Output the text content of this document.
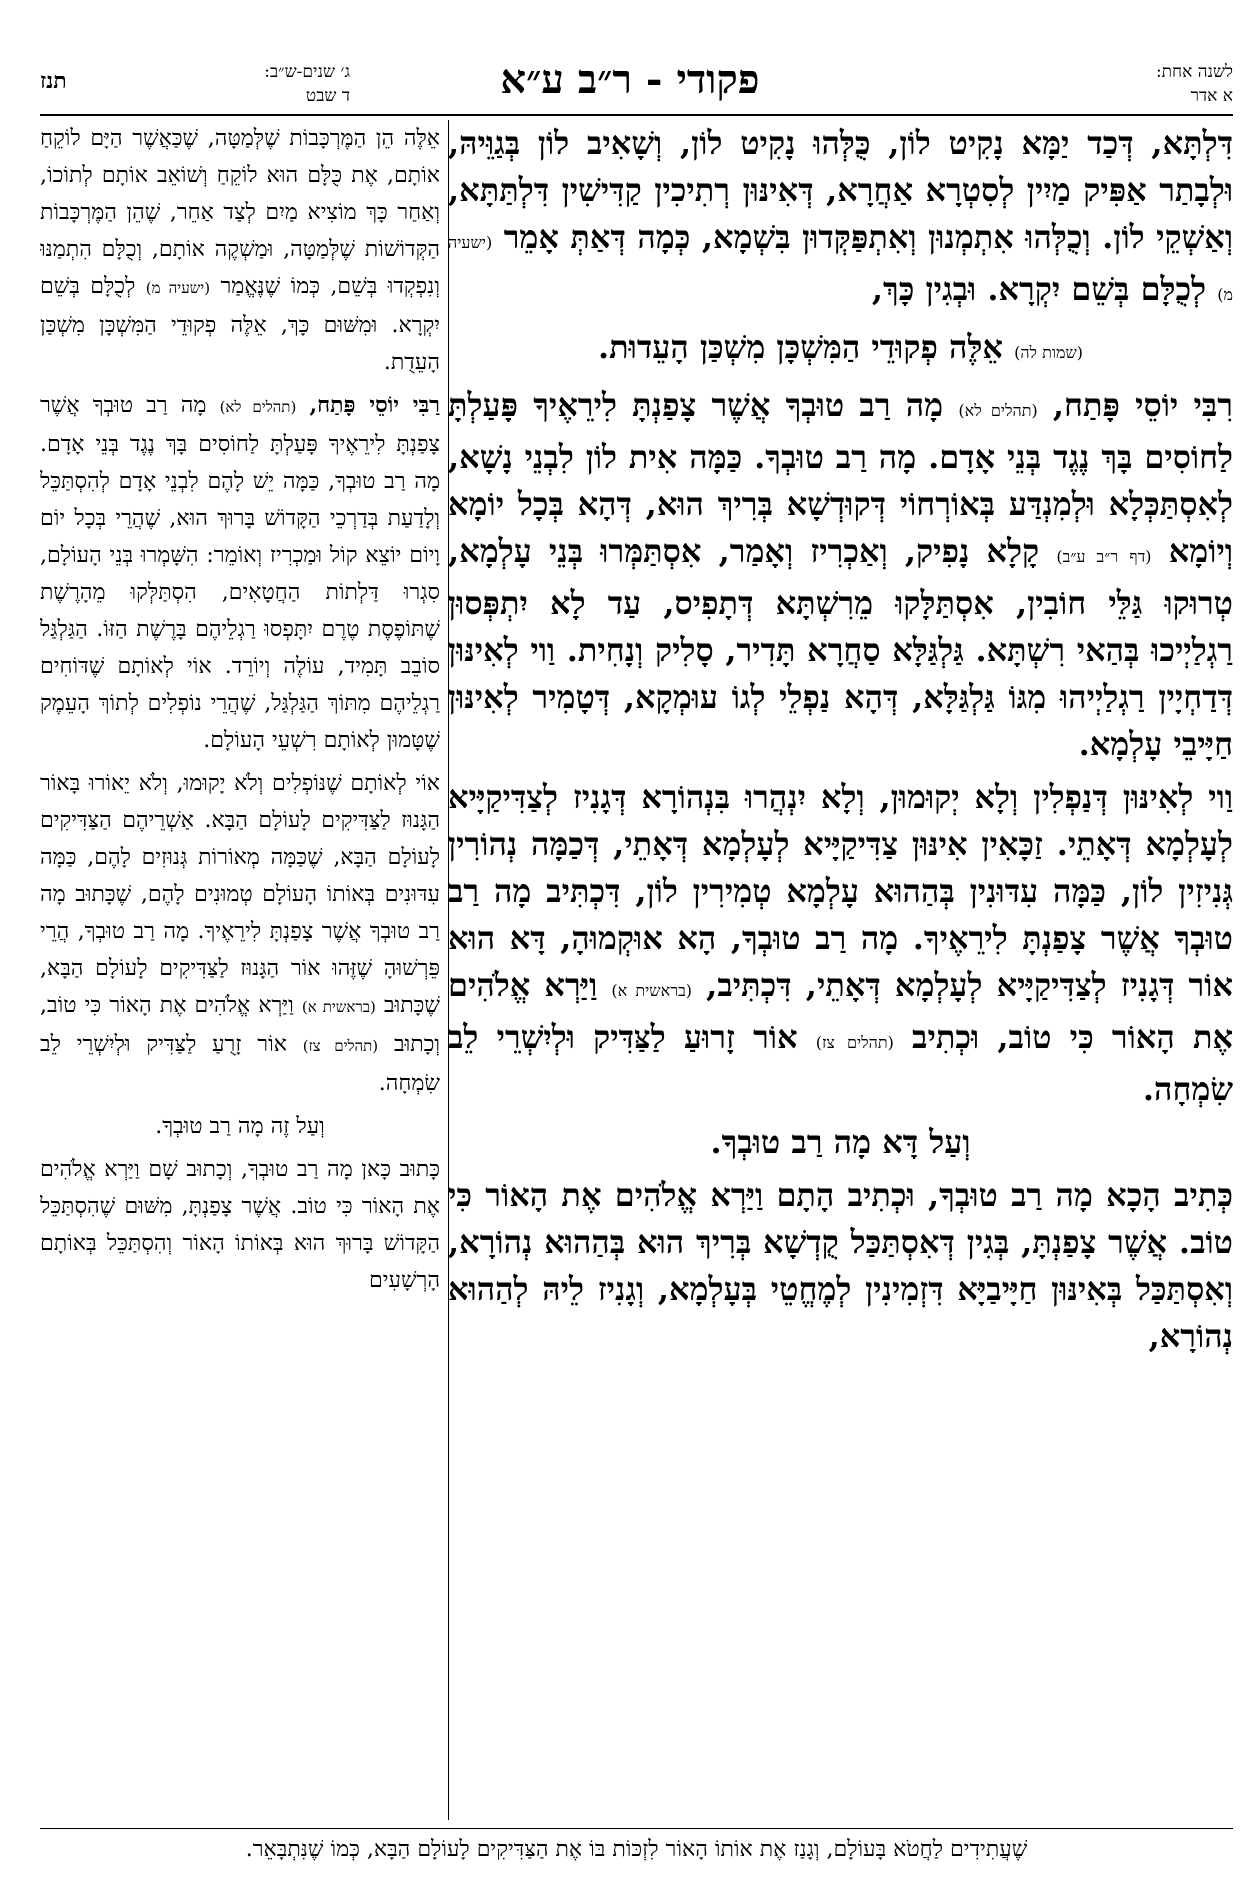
לשנה אחת:
א אדר
פקודי - ר״ב ע״א
ג׳ שנים-ש״ב:
ד שבט
תנז

דִּלְתָּא, דְּכַד יַמָּא נָקִיט לוֹן, כֻּלְּהוּ נָקִיט לוֹן, וְשָׁאִיב לוֹן בְּגַוֵּיהּ, וּלְבָתַר אַפִּיק מַיִין לְסִטְרָא אַחֲרָא, דְּאִינּוּן רְתִיכִין קַדִּישִׁין דִּלְתַּתָּא, וְאַשְׁקֵי לוֹן. וְכֻלְּהוּ אִתְמְנוּן וְאִתְפַּקְּדוּן בִּשְׁמָא, כְּמָה דְּאַתְּ אָמֵר (ישעיה מ) לְכֻלָּם בְּשֵׁם יִקְרָא. וּבְגִין כָּךְ,

(שמות לה) אֵלֶּה פְקוּדֵי הַמִּשְׁכָּן מִשְׁכַּן הָעֵדוּת.

רִבִּי יוֹסֵי פָּתַח, (תהלים לא) מָה רַב טוּבְךָ אֲשֶׁר צָפַנְתָּ לִירֵאֶיךָ פָּעַלְתָּ לַחוֹסִים בָּךְ נֶגֶד בְּנֵי אָדָם. מָה רַב טוּבְךָ. כַּמָּה אִית לוֹן לִבְנֵי נָשָׁא, לְאִסְתַּכְּלָא וּלְמִנְדַּע בְּאוֹרְחוֹי דְּקוּדְשָׁא בְּרִיךְ הוּא, דְּהָא בְּכָל יוֹמָא וְיוֹמָא (דף ר״ב ע״ב) קָלָא נָפִיק, וְאַכְרִיז וְאָמַר, אִסְתַּמְּרוּ בְּנֵי עָלְמָא, טְרוּקוּ גַּלֵּי חוֹבִין, אִסְתַּלָּקוּ מֵרִשְׁתָּא דְּתָפִיס, עַד לָא יִתְפְּסוּן רַגְלַיְיכוּ בְּהַאי רִשְׁתָּא. גַּלְגַּלָּא סַחֲרָא תָּדִיר, סָלִיק וְנָחִית. וַוי לְאִינּוּן דְּדַחְיָין רַגְלַיְיהוּ מִגּוֹ גַּלְגַּלָּא, דְּהָא נַפְלֵי לְגוֹ עוּמְקָא, דְּטָמִיר לְאִינּוּן חַיָּיבֵי עָלְמָא.

וַוי לְאִינּוּן דְּנַפְלִין וְלָא יְקוּמוּן, וְלָא יִנְהֲרוּ בִּנְהוֹרָא דְּגָנִיז לְצַדִּיקַיָּיא לְעָלְמָא דְּאָתֵי. זַכָּאִין אִינּוּן צַדִּיקַיָּיא לְעָלְמָא דְּאָתֵי, דְּכַמָּה נְהוֹרִין גְּנִיזִין לוֹן, כַּמָּה עִדּוּנִין בְּהַהוּא עָלְמָא טְמִירִין לוֹן, דִּכְתִּיב מָה רַב טוּבְךָ אֲשֶׁר צָפַנְתָּ לִירֵאֶיךָ. מָה רַב טוּבְךָ, הָא אוּקְמוּהָ, דָּא הוּא אוֹר דְּגָנִיז לְצַדִּיקַיָּיא לְעָלְמָא דְּאָתֵי, דִּכְתִּיב, (בראשית א) וַיַּרְא אֱלֹהִים אֶת הָאוֹר כִּי טוֹב, וּכְתִיב (תהלים צז) אוֹר זָרוּעַ לַצַּדִּיק וּלְיִשְׁרֵי לֵב שִׂמְחָה.

וְעַל דָּא מָה רַב טוּבְךָ.

כְּתִיב הָכָא מָה רַב טוּבְךָ, וּכְתִיב הָתָם וַיַּרְא אֱלֹהִים אֶת הָאוֹר כִּי טוֹב. אֲשֶׁר צָפַנְתָּ, בְּגִין דְּאִסְתַּכַּל קֻדְשָׁא בְּרִיךְ הוּא בְּהַהוּא נְהוֹרָא, וְאִסְתַּכַּל בְּאִינּוּן חַיָּיבַיָּא דִּזְמִינִין לְמֶחֱטֵי בְּעָלְמָא, וְגָנִיז לֵיהּ לְהַהוּא נְהוֹרָא,

אֵלֶּה הֵן הַמֶּרְכָּבוֹת שֶׁלְּמַטָּה, שֶׁכַּאֲשֶׁר הַיָּם לוֹקֵחַ אוֹתָם, אֶת כֻּלָּם הוּא לוֹקֵחַ וְשׁוֹאֵב אוֹתָם לְתוֹכוֹ, וְאַחַר כָּךְ מוֹצִיא מַיִם לְצַד אַחֵר, שֶׁהֵן הַמֶּרְכָּבוֹת הַקְּדוֹשׁוֹת שֶׁלְּמַטָּה, וּמַשְׁקֶה אוֹתָם, וְכֻלָּם הִתְמַנּוּ וְנִפְקְדוּ בְּשֵׁם, כְּמוֹ שֶׁנֶּאֱמַר (ישעיה מ) לְכֻלָּם בְּשֵׁם יִקְרָא. וּמִשּׁוּם כָּךְ, אֵלֶּה פְקוּדֵי הַמִּשְׁכָּן מִשְׁכַּן הָעֵדֻת.

רַבִּי יוֹסֵי פָּתַח, (תהלים לא) מָה רַב טוּבְךָ אֲשֶׁר צָפַנְתָּ לִירֵאֶיךָ פָּעַלְתָּ לַחוֹסִים בָּךְ נֶגֶד בְּנֵי אָדָם. מָה רַב טוּבְךָ, כַּמָּה יֵשׁ לָהֶם לִבְנֵי אָדָם לְהִסְתַּכֵּל וְלָדַעַת בְּדַרְכֵי הַקָּדוֹשׁ בָּרוּךְ הוּא, שֶׁהֲרֵי בְּכָל יוֹם וָיוֹם יוֹצֵא קוֹל וּמַכְרִיז וְאוֹמֵר: הִשָּׁמְרוּ בְּנֵי הָעוֹלָם, סִגְרוּ דַּלְתוֹת הַחֲטָאִים, הִסְתַּלְּקוּ מֵהָרֶשֶׁת שֶׁתּוֹפֶסֶת טֶרֶם יִתָּפְסוּ רַגְלֵיהֶם בָּרֶשֶׁת הַזּוֹ. הַגַּלְגַּל סוֹבֵב תָּמִיד, עוֹלֶה וְיוֹרֵד. אוֹי לְאוֹתָם שֶׁדּוֹחִים רַגְלֵיהֶם מִתּוֹךְ הַגַּלְגַּל, שֶׁהֲרֵי נוֹפְלִים לְתוֹךְ הָעֵמֶק שֶׁטָּמוּן לְאוֹתָם רִשְׁעֵי הָעוֹלָם.

אוֹי לְאוֹתָם שֶׁנּוֹפְלִים וְלֹא יָקוּמוּ, וְלֹא יֵאוֹרוּ בָּאוֹר הַגָּנוּז לַצַּדִּיקִים לָעוֹלָם הַבָּא. אַשְׁרֵיהֶם הַצַּדִּיקִים לָעוֹלָם הַבָּא, שֶׁכַּמָּה מְאוֹרוֹת גְּנוּזִים לָהֶם, כַּמָּה עִדּוּנִים בְּאוֹתוֹ הָעוֹלָם טְמוּנִים לָהֶם, שֶׁכָּתוּב מָה רַב טוּבְךָ אֲשֶׁר צָפַנְתָּ לִירֵאֶיךָ. מָה רַב טוּבְךָ, הֲרֵי פֵּרְשׁוּהָ שֶׁזֶּהוּ אוֹר הַגָּנוּז לַצַּדִּיקִים לָעוֹלָם הַבָּא, שֶׁכָּתוּב (בראשית א) וַיַּרְא אֱלֹהִים אֶת הָאוֹר כִּי טוֹב, וְכָתוּב (תהלים צז) אוֹר זָרֻעַ לַצַּדִּיק וּלְיִשְׁרֵי לֵב שִׂמְחָה.

וְעַל זֶה מָה רַב טוּבְךָ.

כָּתוּב כָּאן מָה רַב טוּבְךָ, וְכָתוּב שָׁם וַיַּרְא אֱלֹהִים אֶת הָאוֹר כִּי טוֹב. אֲשֶׁר צָפַנְתָּ, מִשּׁוּם שֶׁהִסְתַּכֵּל הַקָּדוֹשׁ בָּרוּךְ הוּא בְּאוֹתוֹ הָאוֹר וְהִסְתַּכֵּל בְּאוֹתָם הָרְשָׁעִים

שֶׁעֲתִידִים לַחֲטֹא בָּעוֹלָם, וְגָנַז אֶת אוֹתוֹ הָאוֹר לִזְכּוֹת בּוֹ אֶת הַצַּדִּיקִים לָעוֹלָם הַבָּא, כְּמוֹ שֶׁנִּתְבָּאֵר.
